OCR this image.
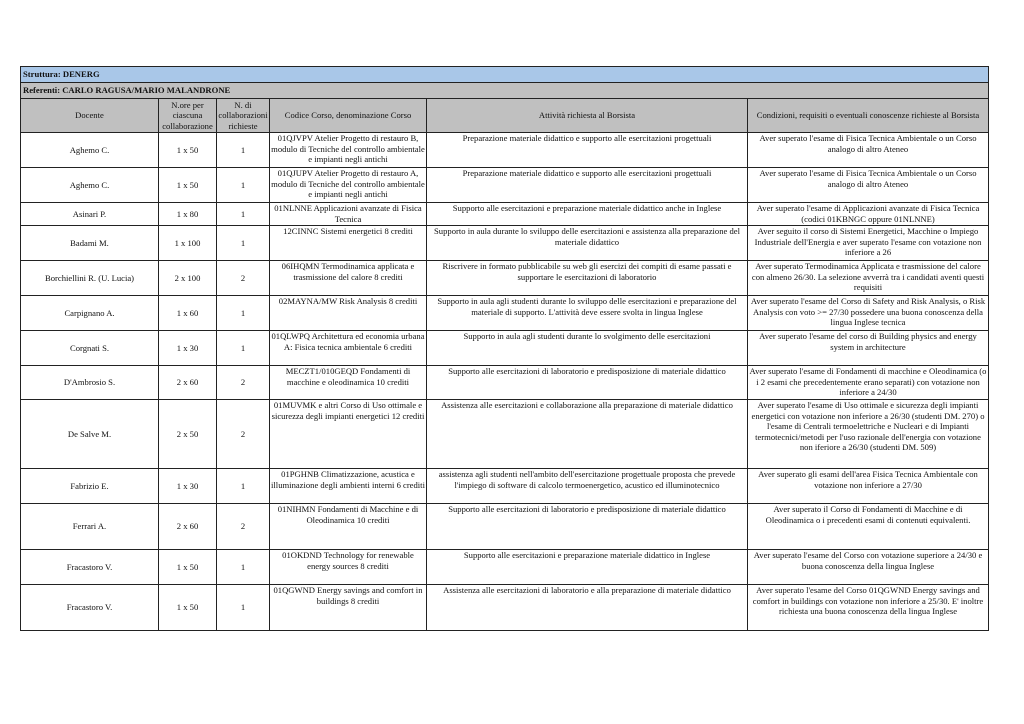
Struttura: DENERG					
Referenti: CARLO RAGUSA/MARIO MALANDRONE					
Docente	N.ore per ciascuna collaborazione	N. di collaborazioni richieste	Codice Corso, denominazione Corso	Attività richiesta al Borsista	Condizioni, requisiti o eventuali conoscenze richieste al Borsista
Aghemo C.	1 x 50	1	01QJVPV Atelier Progetto di restauro B, modulo di Tecniche del controllo ambientale e impianti negli antichi	Preparazione materiale didattico e supporto alle esercitazioni progettuali	Aver superato l'esame di Fisica Tecnica Ambientale o un Corso analogo di altro Ateneo
Aghemo C.	1 x 50	1	01QJUPV Atelier Progetto di restauro A, modulo di Tecniche del controllo ambientale e impianti negli antichi	Preparazione materiale didattico e supporto alle esercitazioni progettuali	Aver superato l'esame di Fisica Tecnica Ambientale o un Corso analogo di altro Ateneo
Asinari P.	1 x 80	1	01NLNNE Applicazioni avanzate di Fisica Tecnica	Supporto alle esercitazioni e preparazione materiale didattico anche in Inglese	Aver superato l'esame di Applicazioni avanzate di Fisica Tecnica (codici 01KBNGC oppure 01NLNNE)
Badami M.	1 x 100	1	12CINNC Sistemi energetici 8 crediti	Supporto in aula durante lo sviluppo delle esercitazioni e assistenza alla preparazione del materiale didattico	Aver seguito il corso di Sistemi Energetici, Macchine o Impiego Industriale dell'Energia e aver superato l'esame con votazione non inferiore a 26
Borchiellini R. (U. Lucia)	2 x 100	2	06IHQMN Termodinamica applicata e trasmissione del calore 8 crediti	Riscrivere in formato pubblicabile su web gli esercizi dei compiti di esame passati e supportare le esercitazioni di laboratorio	Aver superato Termodinamica Applicata e trasmissione del calore con almeno 26/30. La selezione avverrà tra i candidati aventi questi requisiti
Carpignano A.	1 x 60	1	02MAYNA/MW Risk Analysis 8 crediti	Supporto in aula agli studenti durante lo sviluppo delle esercitazioni e preparazione del materiale di supporto. L'attività deve essere svolta in lingua Inglese	Aver superato l'esame del Corso di Safety and Risk Analysis, o Risk Analysis con voto >= 27/30 possedere una buona conoscenza della lingua Inglese tecnica
Corgnati S.	1 x 30	1	01QLWPQ Architettura ed economia urbana A: Fisica tecnica ambientale 6 crediti	Supporto in aula agli studenti durante lo svolgimento delle esercitazioni	Aver superato l'esame del corso di Building physics and energy system in architecture
D'Ambrosio S.	2 x 60	2	MECZT1/010GEQD Fondamenti di macchine e oleodinamica 10 crediti	Supporto alle esercitazioni di laboratorio e predisposizione di materiale didattico	Aver superato l'esame di Fondamenti di macchine e Oleodinamica (o i 2 esami che precedentemente erano separati) con votazione non inferiore a 24/30
De Salve M.	2 x 50	2	01MUVMK e altri Corso di Uso ottimale e sicurezza degli impianti energetici 12 crediti	Assistenza alle esercitazioni e collaborazione alla preparazione di materiale didattico	Aver superato l'esame di Uso ottimale e sicurezza degli impianti energetici con votazione non inferiore a 26/30 (studenti DM. 270) o l'esame di Centrali termoelettriche e Nucleari e di Impianti termotecnici/metodi per l'uso razionale dell'energia con votazione non iferiore a 26/30 (studenti DM. 509)
Fabrizio E.	1 x 30	1	01PGHNB Climatizzazione, acustica e illuminazione degli ambienti interni 6 crediti	assistenza agli studenti nell'ambito dell'esercitazione progettuale proposta che prevede l'impiego di software di calcolo termoenergetico, acustico ed illuminotecnico	Aver superato gli esami dell'area Fisica Tecnica Ambientale con votazione non inferiore a 27/30
Ferrari A.	2 x 60	2	01NIHMN Fondamenti di Macchine e di Oleodinamica 10 crediti	Supporto alle esercitazioni di laboratorio e predisposizione di materiale didattico	Aver superato il Corso di Fondamenti di Macchine e di Oleodinamica o i precedenti esami di contenuti equivalenti.
Fracastoro V.	1 x 50	1	01OKDND Technology for renewable energy sources 8 crediti	Supporto alle esercitazioni e preparazione materiale didattico in Inglese	Aver superato l'esame del Corso con votazione superiore a 24/30 e buona conoscenza della lingua Inglese
Fracastoro V.	1 x 50	1	01QGWND Energy savings and comfort in buildings 8 crediti	Assistenza alle esercitazioni di laboratorio e alla preparazione di materiale didattico	Aver superato l'esame del Corso 01QGWND Energy savings and comfort in buildings con votazione non inferiore a 25/30. E' inoltre richiesta una buona conoscenza della lingua Inglese
